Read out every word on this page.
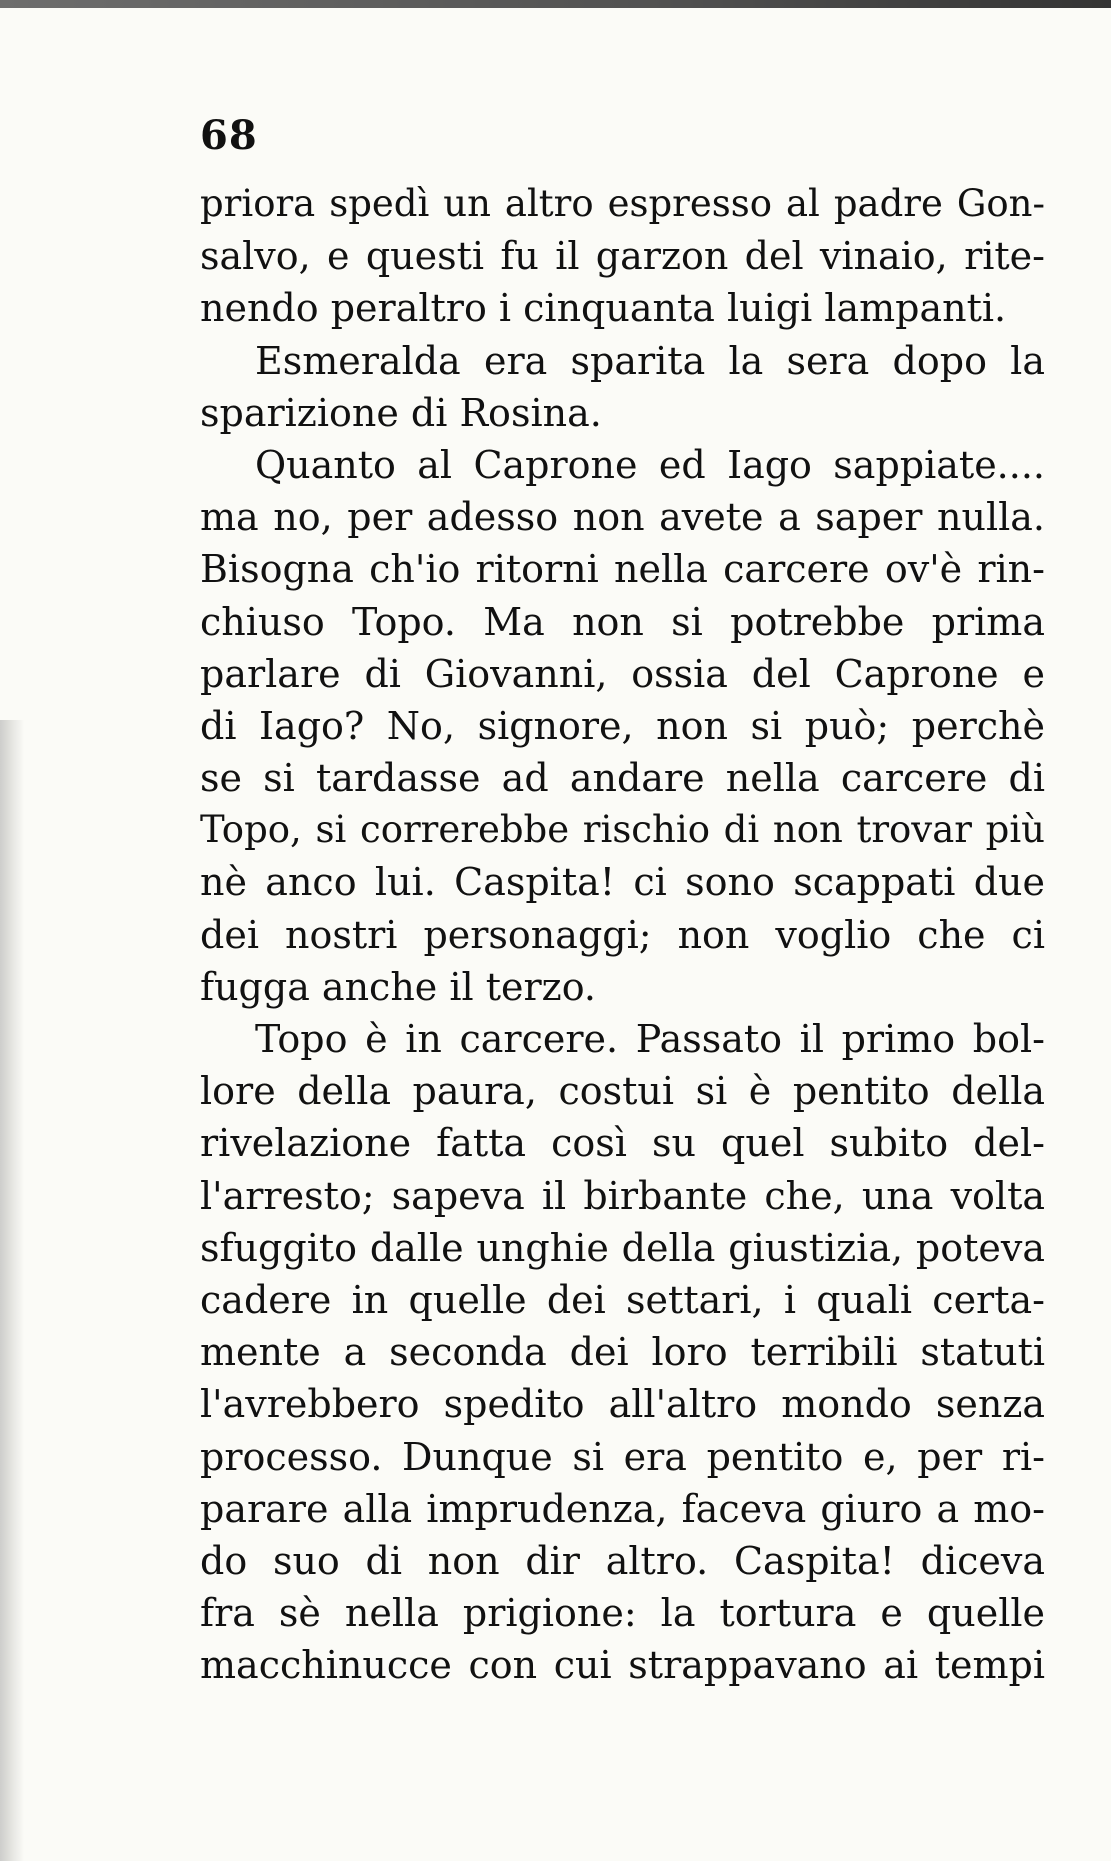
68
priora spedì un altro espresso al padre Gon-
salvo, e questi fu il garzon del vinaio, rite-
nendo peraltro i cinquanta luigi lampanti.
Esmeralda era sparita la sera dopo la
sparizione di Rosina.
Quanto al Caprone ed Iago sappiate....
ma no, per adesso non avete a saper nulla.
Bisogna ch'io ritorni nella carcere ov'è rin-
chiuso Topo. Ma non si potrebbe prima
parlare di Giovanni, ossia del Caprone e
di Iago? No, signore, non si può; perchè
se si tardasse ad andare nella carcere di
Topo, si correrebbe rischio di non trovar più
nè anco lui. Caspita! ci sono scappati due
dei nostri personaggi; non voglio che ci
fugga anche il terzo.
Topo è in carcere. Passato il primo bol-
lore della paura, costui si è pentito della
rivelazione fatta così su quel subito del-
l'arresto; sapeva il birbante che, una volta
sfuggito dalle unghie della giustizia, poteva
cadere in quelle dei settari, i quali certa-
mente a seconda dei loro terribili statuti
l'avrebbero spedito all'altro mondo senza
processo. Dunque si era pentito e, per ri-
parare alla imprudenza, faceva giuro a mo-
do suo di non dir altro. Caspita! diceva
fra sè nella prigione: la tortura e quelle
macchinucce con cui strappavano ai tempi
